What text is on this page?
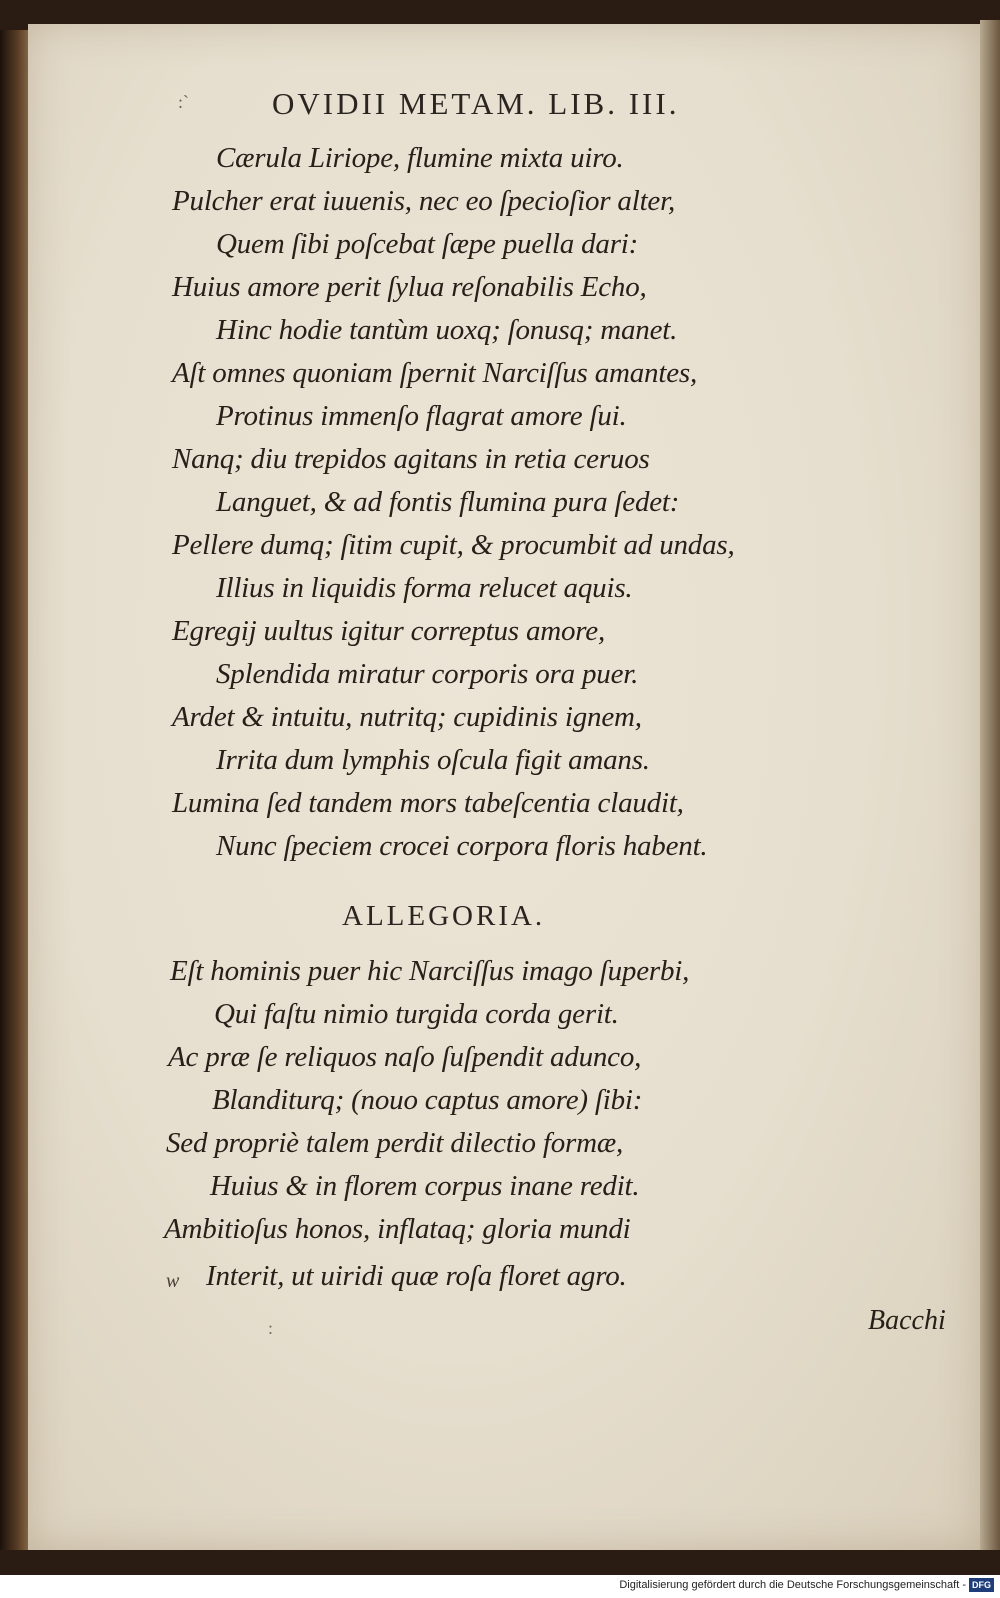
:`	OVIDII METAM. LIB. III.
Cærula Liriope, flumine mixta uiro.
Pulcher erat iuuenis, nec eo ſpecioſior alter,
Quem ſibi poſcebat ſæpe puella dari:
Huius amore perit ſylua reſonabilis Echo,
Hinc hodie tantùm uoxq; ſonusq; manet.
Aſt omnes quoniam ſpernit Narciſſus amantes,
Protinus immenſo flagrat amore ſui.
Nanq; diu trepidos agitans in retia ceruos
Languet, & ad fontis flumina pura ſedet:
Pellere dumq; ſitim cupit, & procumbit ad undas,
Illius in liquidis forma relucet aquis.
Egregij uultus igitur correptus amore,
Splendida miratur corporis ora puer.
Ardet & intuitu, nutritq; cupidinis ignem,
Irrita dum lymphis oſcula figit amans.
Lumina ſed tandem mors tabeſcentia claudit,
Nunc ſpeciem crocei corpora floris habent.
ALLEGORIA.
Eſt hominis puer hic Narciſſus imago ſuperbi,
Qui faſtu nimio turgida corda gerit.
Ac præ ſe reliquos naſo ſuſpendit adunco,
Blanditurq; (nouo captus amore) ſibi:
Sed propriè talem perdit dilectio formæ,
Huius & in florem corpus inane redit.
Ambitioſus honos, inflataq; gloria mundi
Interit, ut uiridi quæ roſa floret agro.
w
:	Bacchi
Digitalisierung gefördert durch die Deutsche Forschungsgemeinschaft - DFG
